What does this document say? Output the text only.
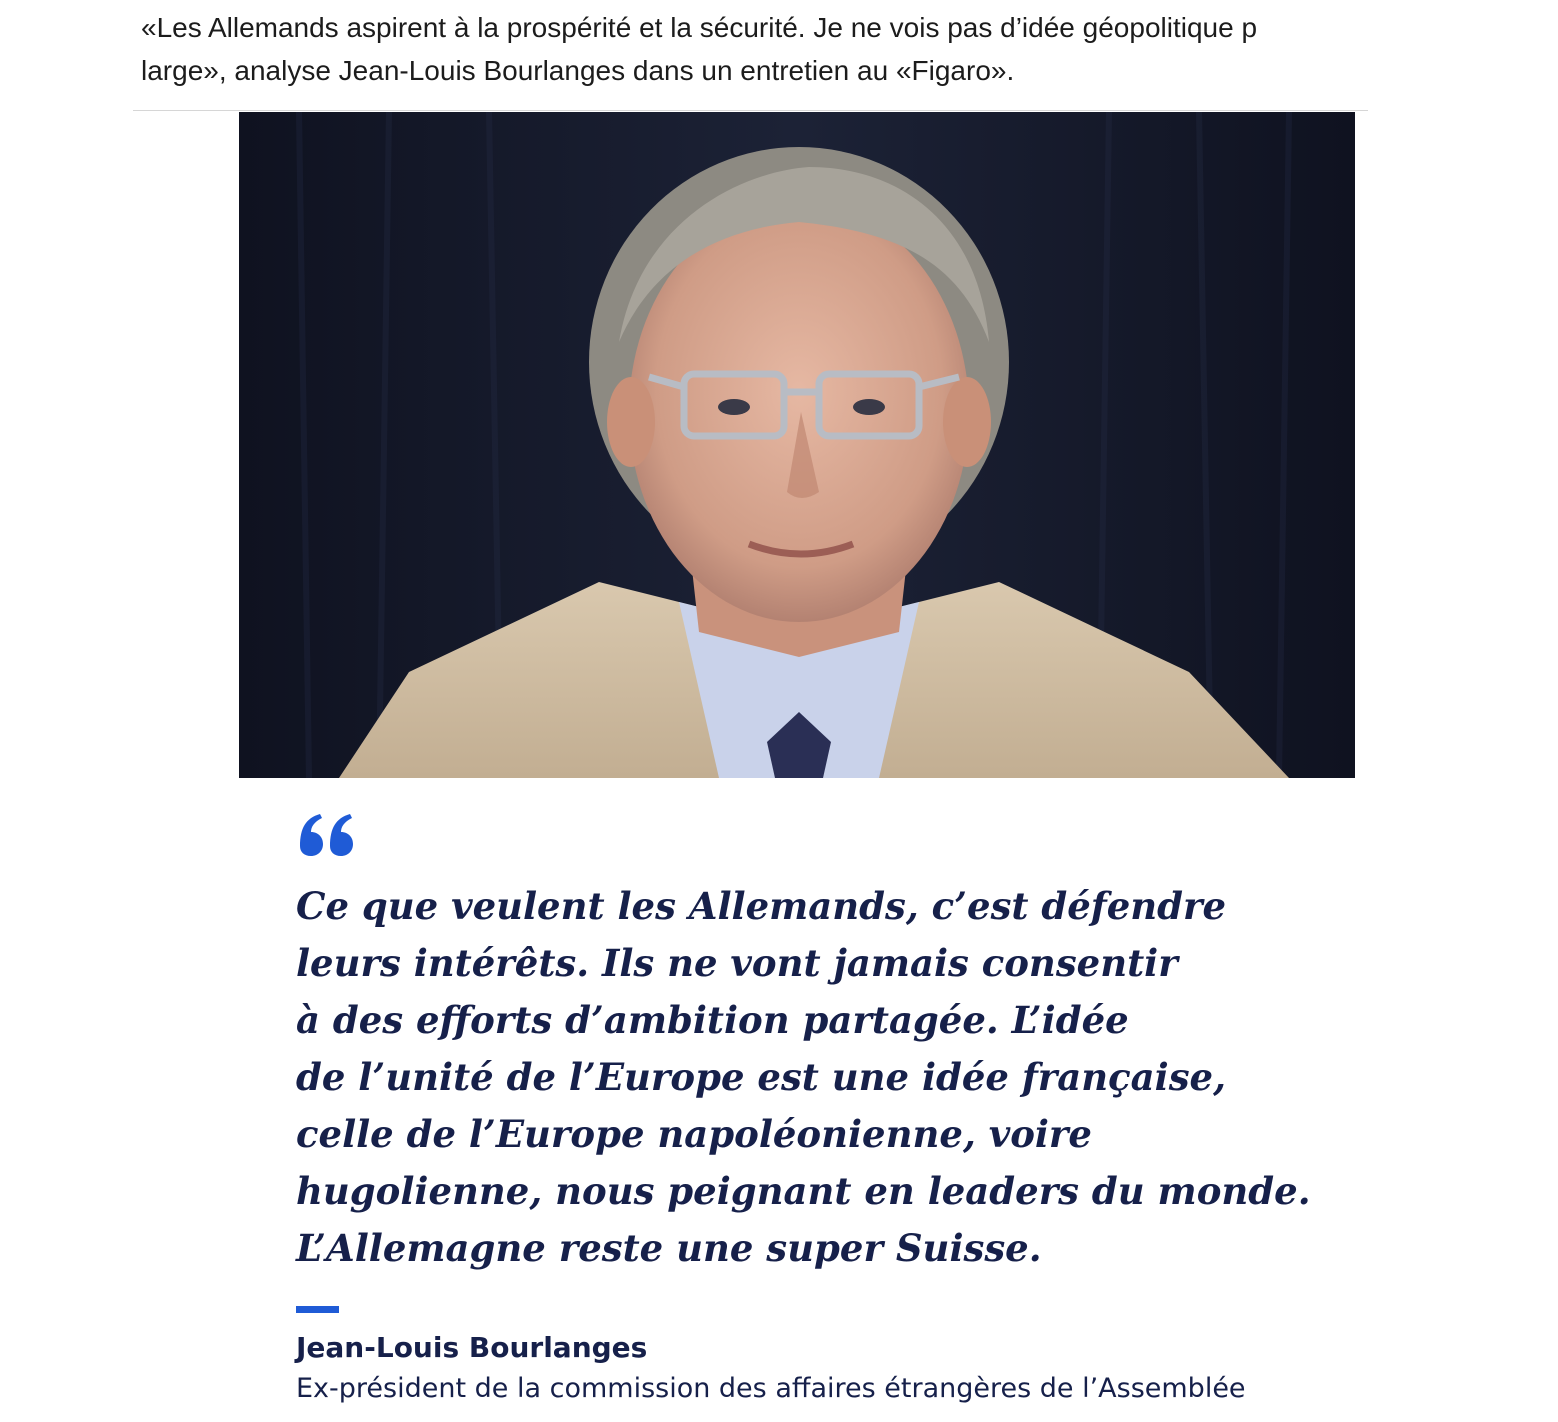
«Les Allemands aspirent à la prospérité et la sécurité. Je ne vois pas d’idée géopolitique p
large», analyse Jean-Louis Bourlanges dans un entretien au «Figaro».

Ce que veulent les Allemands, c’est défendre
leurs intérêts. Ils ne vont jamais consentir
à des efforts d’ambition partagée. L’idée
de l’unité de l’Europe est une idée française,
celle de l’Europe napoléonienne, voire
hugolienne, nous peignant en leaders du monde.
L’Allemagne reste une super Suisse.

Jean-Louis Bourlanges
Ex-président de la commission des affaires étrangères de l’Assemblée
